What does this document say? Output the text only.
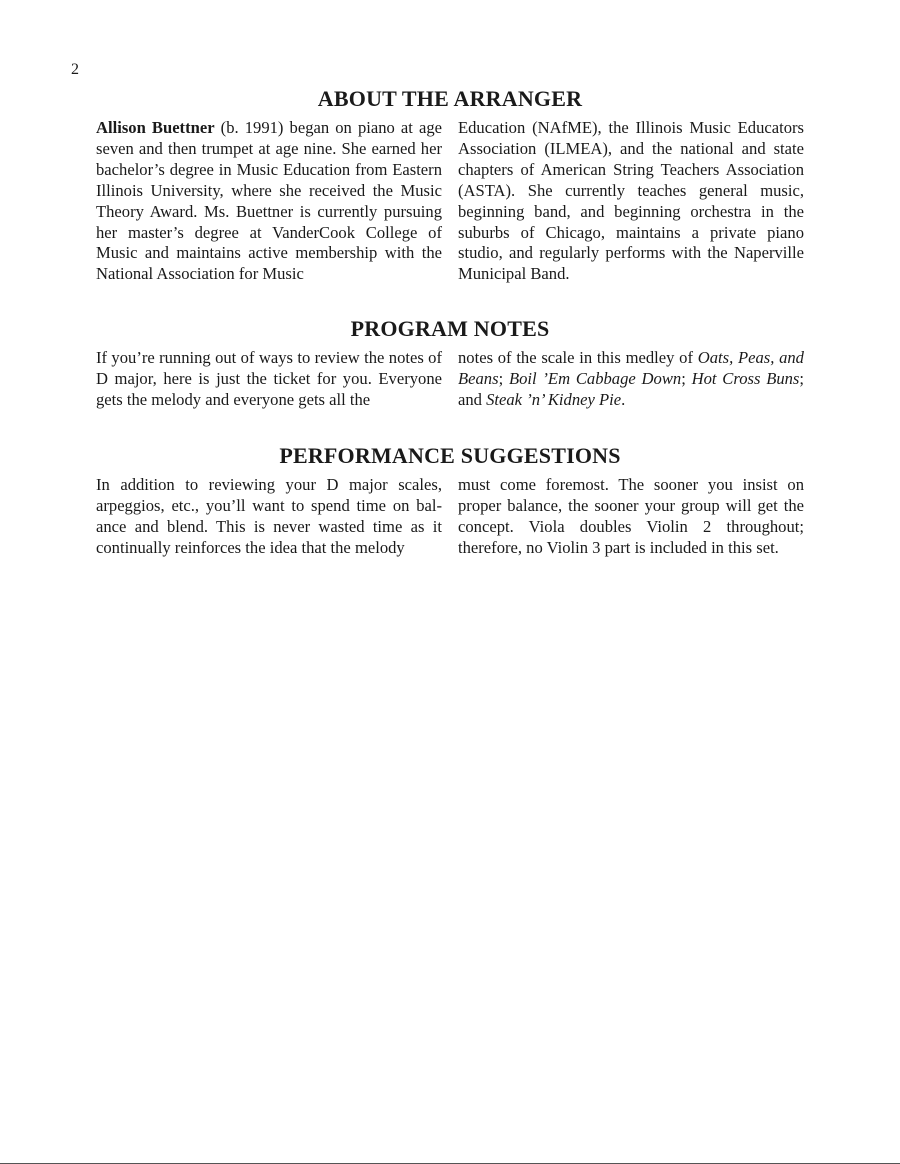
2
ABOUT THE ARRANGER

Allison Buettner (b. 1991) began on piano at age seven and then trumpet at age nine. She earned her bachelor’s degree in Music Education from Eastern Illinois University, where she received the Music Theory Award. Ms. Buettner is currently pursuing her master’s degree at VanderCook College of Music and maintains active membership with the National Association for Music

Education (NAfME), the Illinois Music Educators Association (ILMEA), and the national and state chapters of American String Teachers Association (ASTA). She currently teaches general music, beginning band, and beginning orchestra in the suburbs of Chicago, maintains a private piano studio, and regularly performs with the Naperville Municipal Band.

PROGRAM NOTES

If you’re running out of ways to review the notes of D major, here is just the ticket for you. Everyone gets the melody and everyone gets all the

notes of the scale in this medley of Oats, Peas, and Beans; Boil ’Em Cabbage Down; Hot Cross Buns; and Steak ’n’ Kidney Pie.

PERFORMANCE SUGGESTIONS

In addition to reviewing your D major scales, arpeggios, etc., you’ll want to spend time on balance and blend. This is never wasted time as it continually reinforces the idea that the melody

must come foremost. The sooner you insist on proper balance, the sooner your group will get the concept. Viola doubles Violin 2 throughout; therefore, no Violin 3 part is included in this set.
